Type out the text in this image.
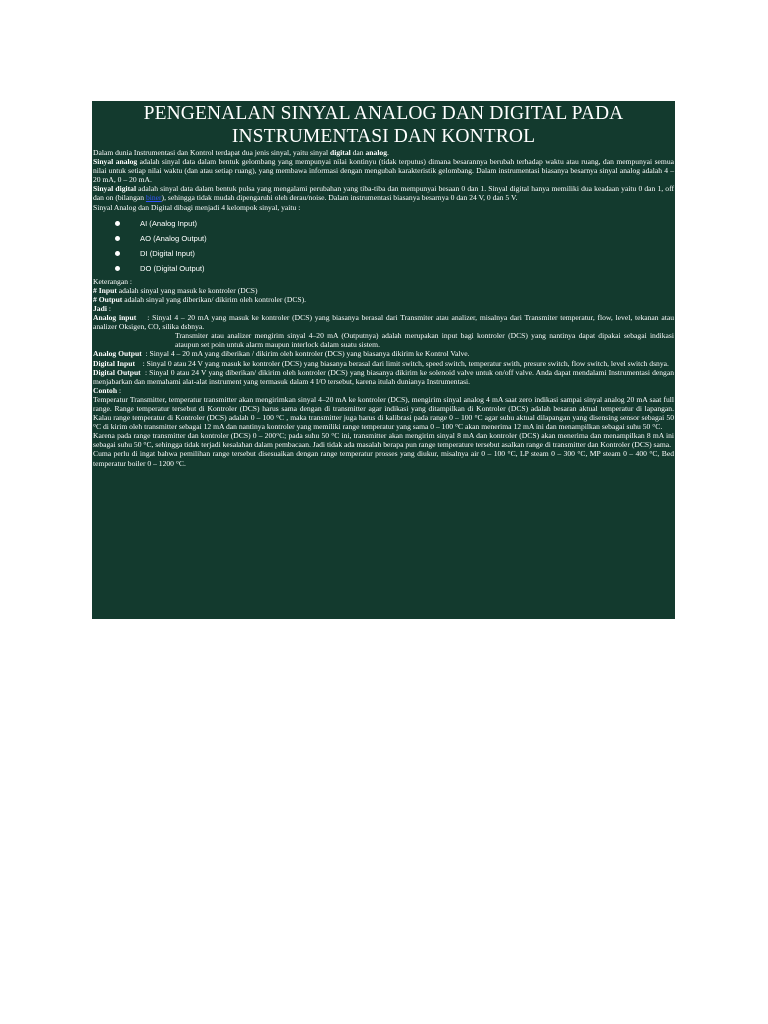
PENGENALAN SINYAL ANALOG DAN DIGITAL PADA INSTRUMENTASI DAN KONTROL

Dalam dunia Instrumentasi dan Kontrol terdapat dua jenis sinyal, yaitu sinyal digital dan analog.

Sinyal analog adalah sinyal data dalam bentuk gelombang yang mempunyai nilai kontinyu (tidak terputus) dimana besarannya berubah terhadap waktu atau ruang, dan mempunyai semua nilai untuk setiap nilai waktu (dan atau setiap ruang), yang membawa informasi dengan mengubah karakteristik gelombang. Dalam instrumentasi biasanya besarnya sinyal analog adalah 4 – 20 mA, 0 – 20 mA.

Sinyal digital adalah sinyal data dalam bentuk pulsa yang mengalami perubahan yang tiba-tiba dan mempunyai besaan 0 dan 1. Sinyal digital hanya memiliki dua keadaan yaitu 0 dan 1, off dan on (bilangan biner), sehingga tidak mudah dipengaruhi oleh derau/noise. Dalam instrumentasi biasanya besarnya 0 dan 24 V, 0 dan 5 V.

Sinyal Analog dan Digital dibagi menjadi 4 kelompok sinyal, yaitu :

AI (Analog Input)
AO (Analog Output)
DI (Digital Input)
DO (Digital Output)

Keterangan :

# Input adalah sinyal yang masuk ke kontroler (DCS)

# Output adalah sinyal yang diberikan/ dikirim oleh kontroler (DCS).

Jadi :

Analog input    : Sinyal 4 – 20 mA yang masuk ke kontroler (DCS) yang biasanya berasal dari Transmiter atau analizer, misalnya dari Transmiter temperatur, flow, level, tekanan atau analizer Oksigen, CO, silika dsbnya.

Transmiter atau analizer mengirim sinyal 4–20 mA (Outputnya) adalah merupakan input bagi kontroler (DCS) yang nantinya dapat dipakai sebagai indikasi ataupun set poin untuk alarm maupun interlock dalam suatu sistem.

Analog Output  : Sinyal 4 – 20 mA yang diberikan / dikirim oleh kontroler (DCS) yang biasanya dikirim ke Kontrol Valve.

Digital Input    : Sinyal 0 atau 24 V yang masuk ke kontroler (DCS) yang biasanya berasal dari limit switch, speed switch, temperatur swith, presure switch, flow switch, level switch dsnya.

Digital Output  : Sinyal 0 atau 24 V yang diberikan/ dikirim oleh kontroler (DCS) yang biasanya dikirim ke solenoid valve untuk on/off valve. Anda dapat mendalami Instrumentasi dengan menjabarkan dan memahami alat-alat instrument yang termasuk dalam 4 I/O tersebut, karena itulah dunianya Instrumentasi.

Contoh :

Temperatur Transmitter, temperatur transmitter akan mengirimkan sinyal 4–20 mA ke kontroler (DCS), mengirim sinyal analog 4 mA saat zero indikasi sampai sinyal analog 20 mA saat full range. Range temperatur tersebut di Kontroler (DCS) harus sama dengan di transmitter agar indikasi yang ditampilkan di Kontroler (DCS) adalah besaran aktual temperatur di lapangan. Kalau range temperatur di Kontroler (DCS) adalah 0 – 100 °C , maka transmitter juga harus di kalibrasi pada range 0 – 100 °C agar suhu aktual dilapangan yang disensing sensor sebagai 50 °C di kirim oleh transmitter sebagai 12 mA dan nantinya kontroler yang memiliki range temperatur yang sama 0 – 100 °C akan menerima 12 mA ini dan menampilkan sebagai suhu 50 °C.

Karena pada range transmitter dan kontroler (DCS) 0 – 200°C; pada suhu 50 °C ini, transmitter akan mengirim sinyal 8 mA dan kontroler (DCS) akan menerima dan menampilkan 8 mA ini sebagai suhu 50 °C, sehingga tidak terjadi kesalahan dalam pembacaan. Jadi tidak ada masalah berapa pun range temperature tersebut asalkan range di transmitter dan Kontroler (DCS) sama.

Cuma perlu di ingat bahwa pemilihan range tersebut disesuaikan dengan range temperatur prosses yang diukur, misalnya air 0 – 100 °C, LP steam 0 – 300 °C, MP steam 0 – 400 °C, Bed temperatur boiler 0 – 1200 °C.
